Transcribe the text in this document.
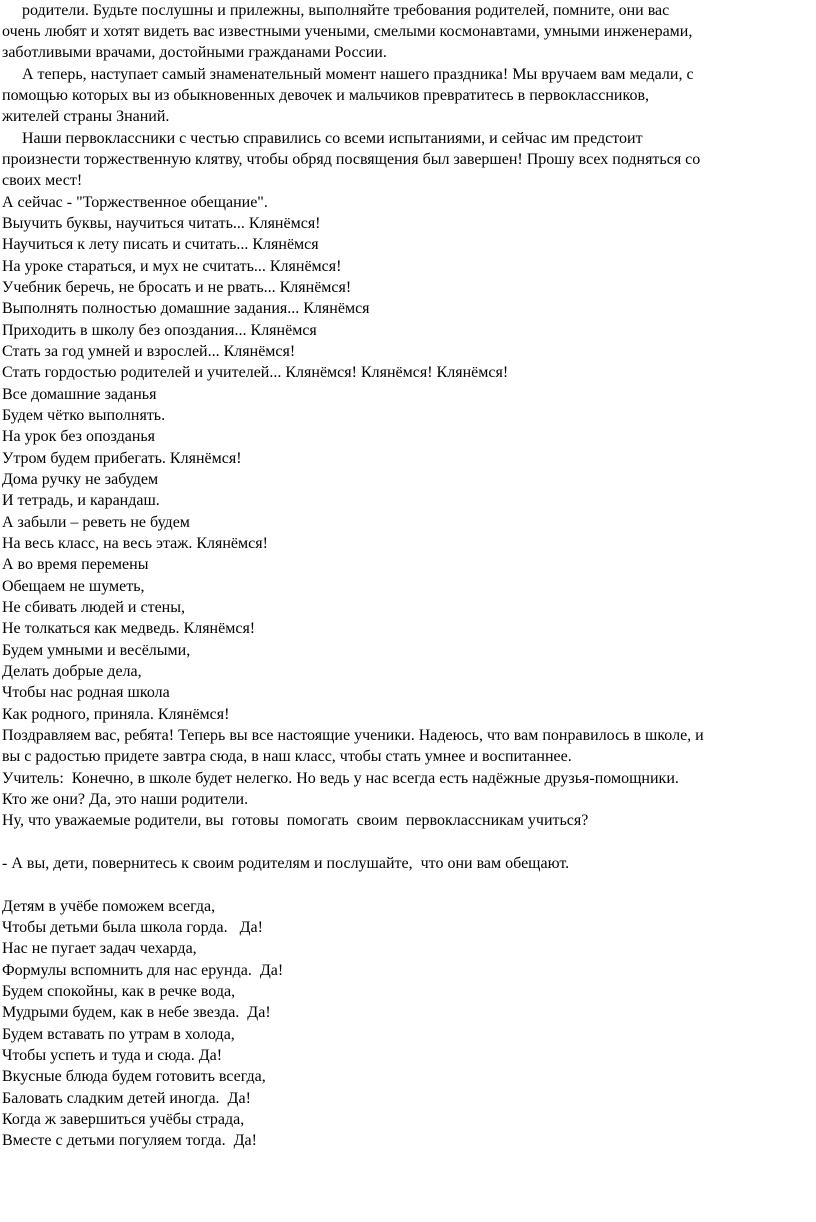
родители. Будьте послушны и прилежны, выполняйте требования родителей, помните, они вас

очень любят и хотят видеть вас известными учеными, смелыми космонавтами, умными инженерами,

заботливыми врачами, достойными гражданами России.

А теперь, наступает самый знаменательный момент нашего праздника! Мы вручаем вам медали, с

помощью которых вы из обыкновенных девочек и мальчиков превратитесь в первоклассников,

жителей страны Знаний.

Наши первоклассники с честью справились со всеми испытаниями, и сейчас им предстоит

произнести торжественную клятву, чтобы обряд посвящения был завершен! Прошу всех подняться со

своих мест!

А сейчас - "Торжественное обещание".

Выучить буквы, научиться читать... Клянёмся!

Научиться к лету писать и считать... Клянёмся

На уроке стараться, и мух не считать... Клянёмся!

Учебник беречь, не бросать и не рвать... Клянёмся!

Выполнять полностью домашние задания... Клянёмся

Приходить в школу без опоздания... Клянёмся

Стать за год умней и взрослей... Клянёмся!

Стать гордостью родителей и учителей... Клянёмся! Клянёмся! Клянёмся!

Все домашние заданья

Будем чётко выполнять.

На урок без опозданья

Утром будем прибегать. Клянёмся!

Дома ручку не забудем

И тетрадь, и карандаш.

А забыли – реветь не будем

На весь класс, на весь этаж. Клянёмся!

А во время перемены

Обещаем не шуметь,

Не сбивать людей и стены,

Не толкаться как медведь. Клянёмся!

Будем умными и весёлыми,

Делать добрые дела,

Чтобы нас родная школа

Как родного, приняла. Клянёмся!

Поздравляем вас, ребята! Теперь вы все настоящие ученики. Надеюсь, что вам понравилось в школе, и

вы с радостью придете завтра сюда, в наш класс, чтобы стать умнее и воспитаннее.

Учитель:  Конечно, в школе будет нелегко. Но ведь у нас всегда есть надёжные друзья-помощники.

Кто же они? Да, это наши родители.

Ну, что уважаемые родители, вы  готовы  помогать  своим  первоклассникам учиться?

- А вы, дети, повернитесь к своим родителям и послушайте,  что они вам обещают.

Детям в учёбе поможем всегда,

Чтобы детьми была школа горда.   Да!

Нас не пугает задач чехарда,

Формулы вспомнить для нас ерунда.  Да!

Будем спокойны, как в речке вода,

Мудрыми будем, как в небе звезда.  Да!

Будем вставать по утрам в холода,

Чтобы успеть и туда и сюда. Да!

Вкусные блюда будем готовить всегда,

Баловать сладким детей иногда.  Да!

Когда ж завершиться учёбы страда,

Вместе с детьми погуляем тогда.  Да!
